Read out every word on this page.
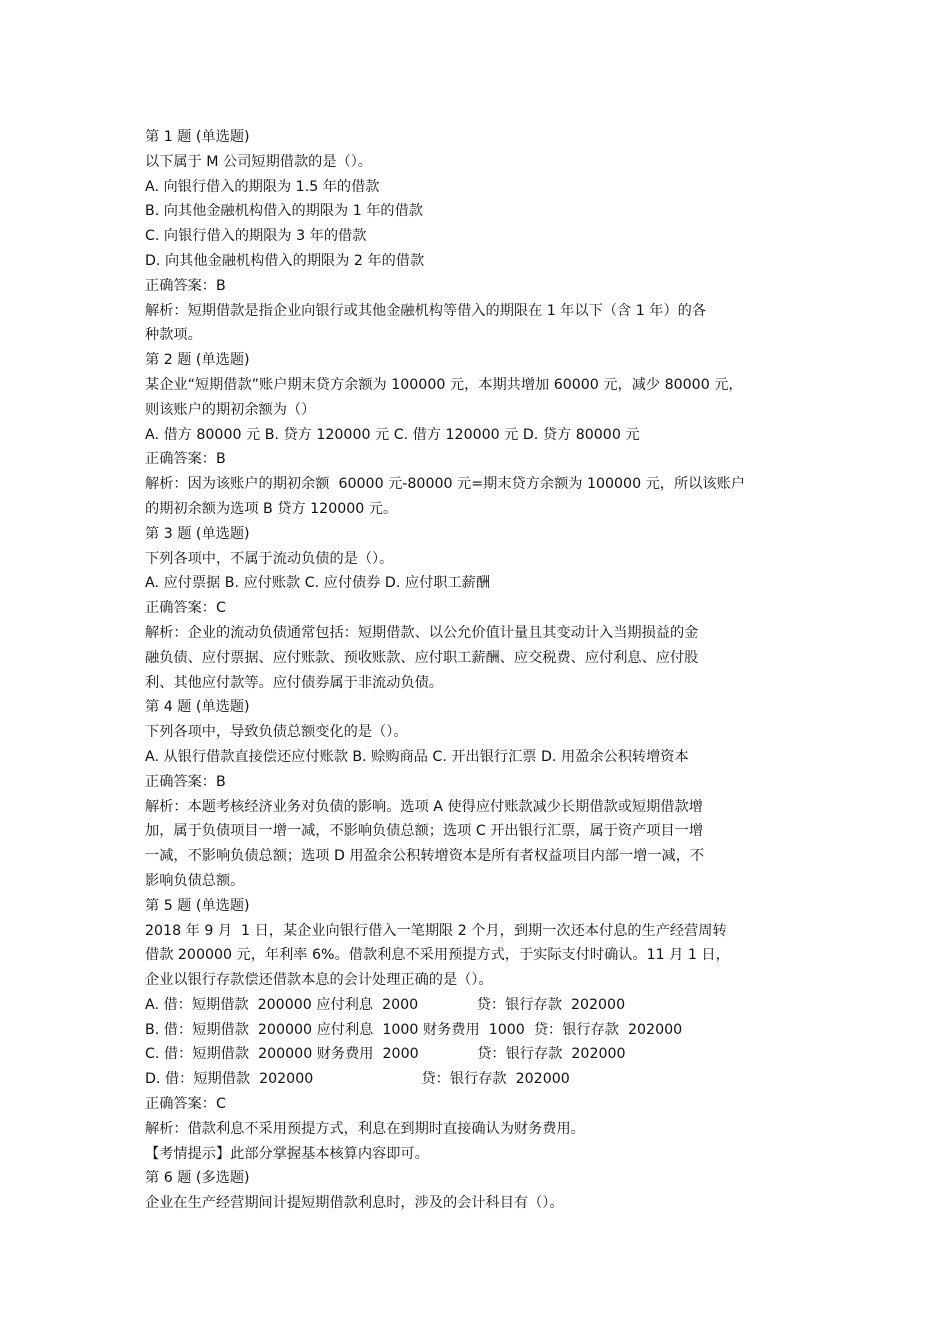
第 1 题 (单选题)
以下属于 M 公司短期借款的是（）。
A. 向银行借入的期限为 1.5 年的借款
B. 向其他金融机构借入的期限为 1 年的借款
C. 向银行借入的期限为 3 年的借款
D. 向其他金融机构借入的期限为 2 年的借款
正确答案：B
解析：短期借款是指企业向银行或其他金融机构等借入的期限在 1 年以下（含 1 年）的各
种款项。
第 2 题 (单选题)
某企业“短期借款”账户期末贷方余额为 100000 元，本期共增加 60000 元，减少 80000 元，
则该账户的期初余额为（）
A. 借方 80000 元 B. 贷方 120000 元 C. 借方 120000 元 D. 贷方 80000 元
正确答案：B
解析：因为该账户的期初余额  60000 元-80000 元=期末贷方余额为 100000 元，所以该账户
的期初余额为选项 B 贷方 120000 元。
第 3 题 (单选题)
下列各项中，不属于流动负债的是（）。
A. 应付票据 B. 应付账款 C. 应付债券 D. 应付职工薪酬
正确答案：C
解析：企业的流动负债通常包括：短期借款、以公允价值计量且其变动计入当期损益的金
融负债、应付票据、应付账款、预收账款、应付职工薪酬、应交税费、应付利息、应付股
利、其他应付款等。应付债券属于非流动负债。
第 4 题 (单选题)
下列各项中，导致负债总额变化的是（）。
A. 从银行借款直接偿还应付账款 B. 赊购商品 C. 开出银行汇票 D. 用盈余公积转增资本
正确答案：B
解析：本题考核经济业务对负债的影响。选项 A 使得应付账款减少长期借款或短期借款增
加，属于负债项目一增一减，不影响负债总额；选项 C 开出银行汇票，属于资产项目一增
一减，不影响负债总额；选项 D 用盈余公积转增资本是所有者权益项目内部一增一减，不
影响负债总额。
第 5 题 (单选题)
2018 年 9 月  1 日，某企业向银行借入一笔期限 2 个月，到期一次还本付息的生产经营周转
借款 200000 元，年利率 6%。借款利息不采用预提方式，于实际支付时确认。11 月 1 日，
企业以银行存款偿还借款本息的会计处理正确的是（）。
A. 借：短期借款  200000 应付利息  2000             贷：银行存款  202000
B. 借：短期借款  200000 应付利息  1000 财务费用  1000  贷：银行存款  202000
C. 借：短期借款  200000 财务费用  2000             贷：银行存款  202000
D. 借：短期借款  202000                        贷：银行存款  202000
正确答案：C
解析：借款利息不采用预提方式，利息在到期时直接确认为财务费用。
【考情提示】此部分掌握基本核算内容即可。
第 6 题 (多选题)
企业在生产经营期间计提短期借款利息时，涉及的会计科目有（）。
